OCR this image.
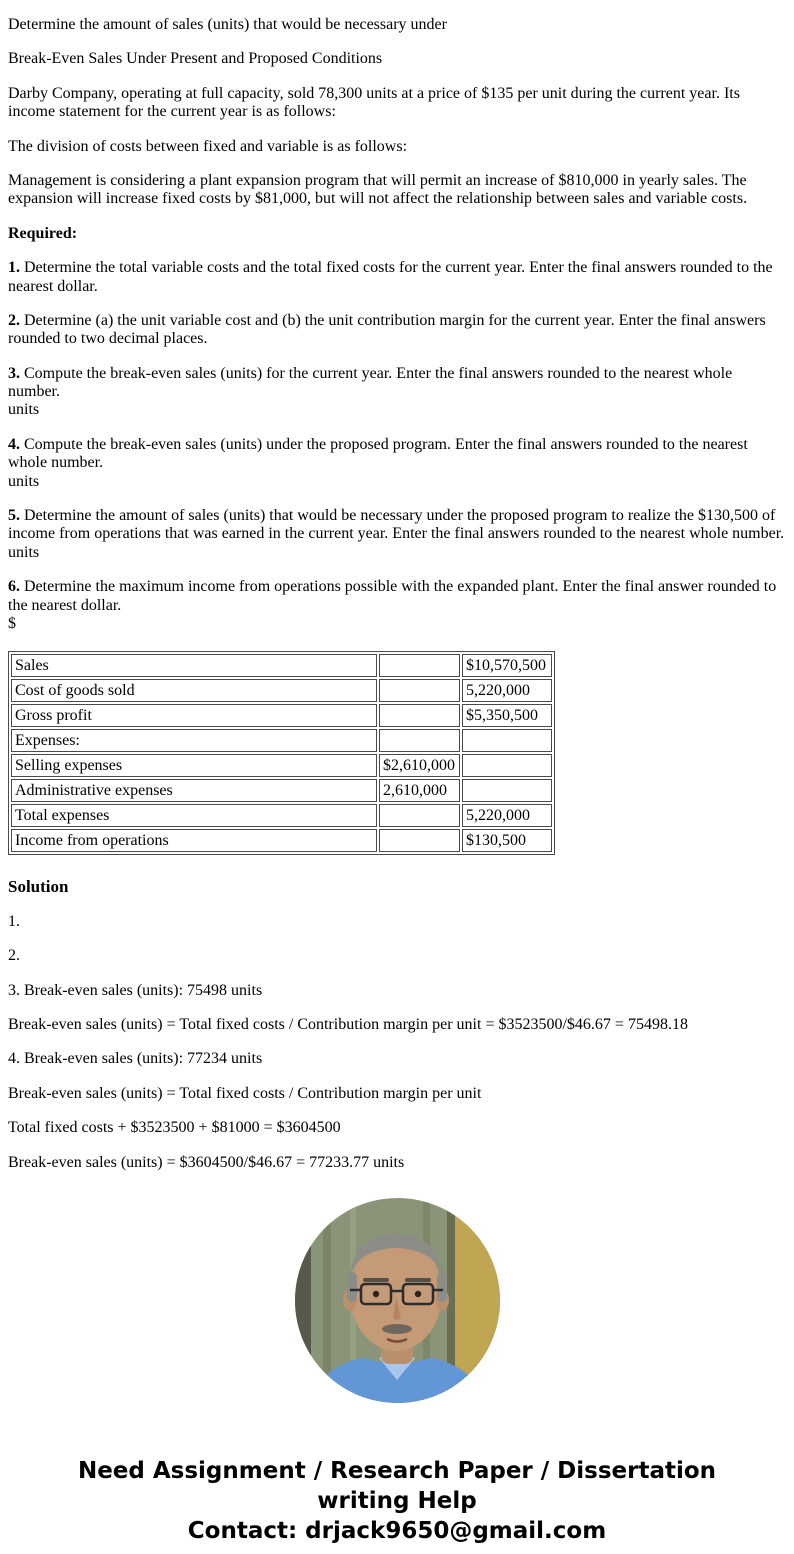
Determine the amount of sales (units) that would be necessary under

Break-Even Sales Under Present and Proposed Conditions

Darby Company, operating at full capacity, sold 78,300 units at a price of $135 per unit during the current year. Its income statement for the current year is as follows:

The division of costs between fixed and variable is as follows:

Management is considering a plant expansion program that will permit an increase of $810,000 in yearly sales. The expansion will increase fixed costs by $81,000, but will not affect the relationship between sales and variable costs.

Required:

1. Determine the total variable costs and the total fixed costs for the current year. Enter the final answers rounded to the nearest dollar.

2. Determine (a) the unit variable cost and (b) the unit contribution margin for the current year. Enter the final answers rounded to two decimal places.

3. Compute the break-even sales (units) for the current year. Enter the final answers rounded to the nearest whole number.
units

4. Compute the break-even sales (units) under the proposed program. Enter the final answers rounded to the nearest whole number.
units

5. Determine the amount of sales (units) that would be necessary under the proposed program to realize the $130,500 of income from operations that was earned in the current year. Enter the final answers rounded to the nearest whole number.
units

6. Determine the maximum income from operations possible with the expanded plant. Enter the final answer rounded to the nearest dollar.
$

Sales		$10,570,500
Cost of goods sold		5,220,000
Gross profit		$5,350,500
Expenses:		
Selling expenses	$2,610,000	
Administrative expenses	2,610,000	
Total expenses		5,220,000
Income from operations		$130,500
Solution

1.

2.

3. Break-even sales (units): 75498 units

Break-even sales (units) = Total fixed costs / Contribution margin per unit = $3523500/$46.67 = 75498.18

4. Break-even sales (units): 77234 units

Break-even sales (units) = Total fixed costs / Contribution margin per unit

Total fixed costs + $3523500 + $81000 = $3604500

Break-even sales (units) = $3604500/$46.67 = 77233.77 units

Need Assignment / Research Paper / Dissertation writing Help
Contact: drjack9650@gmail.com
